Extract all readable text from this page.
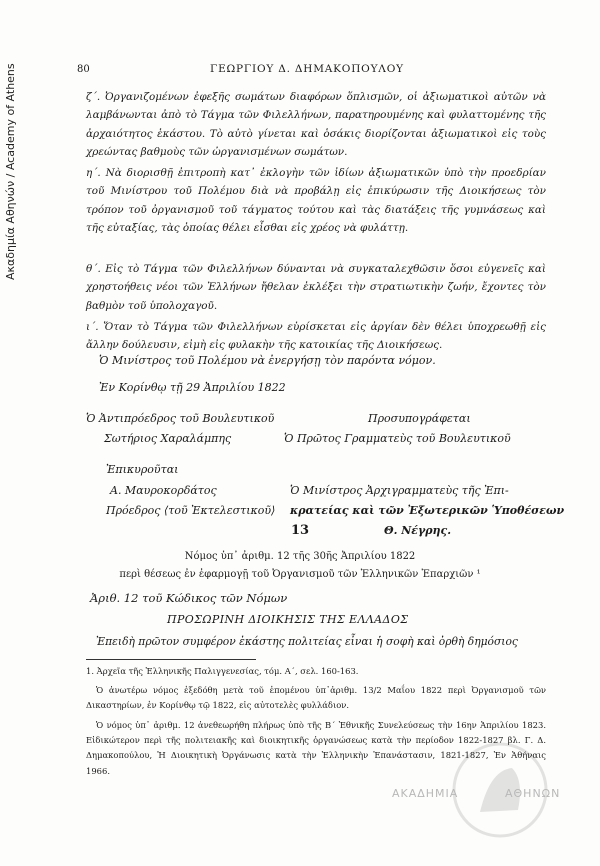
Ακαδημία Αθηνών / Academy of Athens	80	ΓΕΩΡΓΙΟΥ Δ. ΔΗΜΑΚΟΠΟΥΛΟΥ
ζ΄. Ὀργανιζομένων ἐφεξῆς σωμάτων διαφόρων ὅπλισμῶν, οἱ ἀξιωματικοὶ αὐτῶν νὰ λαμβάνωνται ἀπὸ τὸ Τάγμα τῶν Φιλελλήνων, παρατηρουμένης καὶ φυλαττομένης τῆς ἀρχαιότητος ἑκάστου. Τὸ αὐτὸ γίνεται καὶ ὁσάκις διορίζονται ἀξιωματικοὶ εἰς τοὺς χρεώντας βαθμοὺς τῶν ὠργανισμένων σωμάτων.
η΄. Νὰ διορισθῇ ἐπιτροπὴ κατ᾿ ἐκλογὴν τῶν ἰδίων ἀξιωματικῶν ὑπὸ τὴν προεδρίαν τοῦ Μινίστρου τοῦ Πολέμου διὰ νὰ προβάλῃ εἰς ἐπικύρωσιν τῆς Διοικήσεως τὸν τρόπον τοῦ ὀργανισμοῦ τοῦ τάγματος τούτου καὶ τὰς διατάξεις τῆς γυμνάσεως καὶ τῆς εὐταξίας, τὰς ὁποίας θέλει εἶσθαι εἰς χρέος νὰ φυλάττῃ.
θ΄. Εἰς τὸ Τάγμα τῶν Φιλελλήνων δύνανται νὰ συγκαταλεχθῶσιν ὅσοι εὐγενεῖς καὶ χρηστοήθεις νέοι τῶν Ἑλλήνων ἤθελαν ἐκλέξει τὴν στρατιωτικὴν ζωήν, ἔχοντες τὸν βαθμὸν τοῦ ὑπολοχαγοῦ.
ι΄. Ὅταν τὸ Τάγμα τῶν Φιλελλήνων εὑρίσκεται εἰς ἀργίαν δὲν θέλει ὑποχρεωθῇ εἰς ἄλλην δούλευσιν, εἰμὴ εἰς φυλακὴν τῆς κατοικίας τῆς Διοικήσεως.
Ὁ Μινίστρος τοῦ Πολέμου νὰ ἐνεργήσῃ τὸν παρόντα νόμον.
Ἐν Κορίνθῳ τῇ 29 Ἀπριλίου 1822
Ὁ Ἀντιπρόεδρος τοῦ Βουλευτικοῦ
Σωτήριος Χαραλάμπης
Ἐπικυροῦται
Α. Μαυροκορδάτος
Πρόεδρος ⟨τοῦ Ἐκτελεστικοῦ⟩
Προσυπογράφεται
Ὁ Πρῶτος Γραμματεὺς τοῦ Βουλευτικοῦ
Ὁ Μινίστρος Ἀρχιγραμματεὺς τῆς Ἐπι-
κρατείας καὶ τῶν Ἐξωτερικῶν Ὑποθέσεων
Θ. Νέγρης.
13
Νόμος ὑπ᾿ ἀριθμ. 12 τῆς 30ῆς Ἀπριλίου 1822
περὶ θέσεως ἐν ἐφαρμογῇ τοῦ Ὀργανισμοῦ τῶν Ἑλληνικῶν Ἐπαρχιῶν ¹
Ἀριθ. 12 τοῦ Κώδικος τῶν Νόμων
ΠΡΟΣΩΡΙΝΗ ΔΙΟΙΚΗΣΙΣ ΤΗΣ ΕΛΛΑΔΟΣ
Ἐπειδὴ πρῶτον συμφέρον ἑκάστης πολιτείας εἶναι ἡ σοφὴ καὶ ὀρθὴ δημόσιος
1. Ἀρχεῖα τῆς Ἑλληνικῆς Παλιγγενεσίας, τόμ. Α΄, σελ. 160-163.
Ὁ ἀνωτέρω νόμος ἐξεδόθη μετὰ τοῦ ἑπομένου ὑπ᾿ἀριθμ. 13/2 Μαΐου 1822 περὶ Ὀργανισμοῦ τῶν Δικαστηρίων, ἐν Κορίνθῳ τῷ 1822, εἰς αὐτοτελὲς φυλλάδιον.
Ὁ νόμος ὑπ᾿ ἀριθμ. 12 ἀνεθεωρήθη πλήρως ὑπὸ τῆς Β΄ Ἐθνικῆς Συνελεύσεως τὴν 16ην Ἀπριλίου 1823. Εἰδικώτερον περὶ τῆς πολιτειακῆς καὶ διοικητικῆς ὀργανώσεως κατὰ τὴν περίοδον 1822-1827 βλ. Γ. Δ. Δημακοπούλου, Ἡ Διοικητικὴ Ὀργάνωσις κατὰ τὴν Ἑλληνικὴν Ἐπανάστασιν, 1821-1827, Ἐν Ἀθήναις 1966.
ΑΚΑΔΗΜΙΑ	ΑΘΗΝΩΝ
